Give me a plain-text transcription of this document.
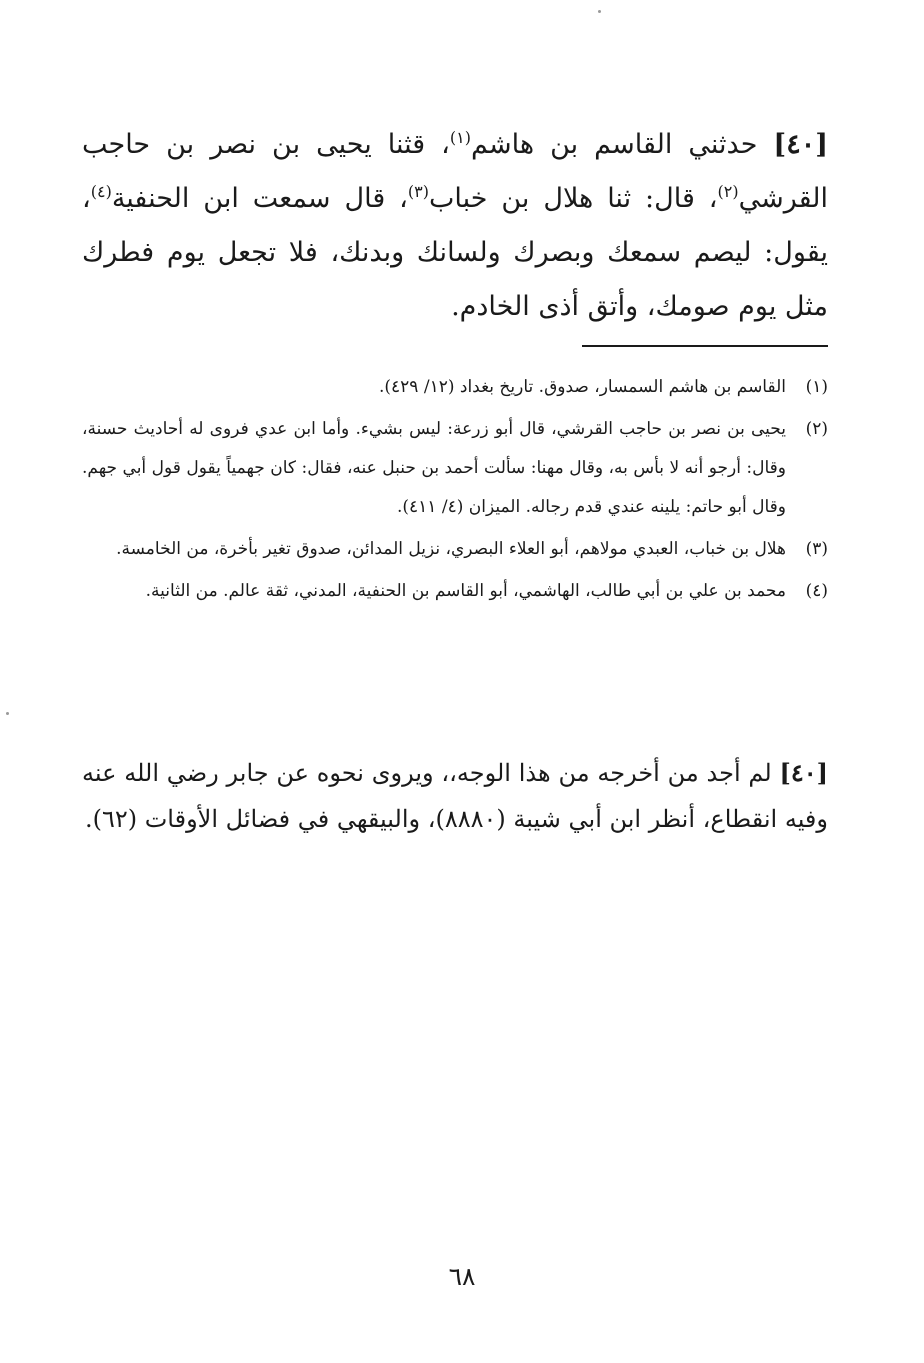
[٤٠] حدثني القاسم بن هاشم$^{(١)}$، قثنا يحيى بن نصر بن حاجب القرشي$^{(٢)}$، قال: ثنا هلال بن خباب$^{(٣)}$، قال سمعت ابن الحنفية$^{(٤)}$، يقول: ليصم سمعك وبصرك ولسانك وبدنك، فلا تجعل يوم فطرك مثل يوم صومك، وأتق أذى الخادم.

(١)
القاسم بن هاشم السمسار، صدوق. تاريخ بغداد (١٢/ ٤٢٩).
(٢)
يحيى بن نصر بن حاجب القرشي، قال أبو زرعة: ليس بشيء. وأما ابن عدي فروى له أحاديث حسنة، وقال: أرجو أنه لا بأس به، وقال مهنا: سألت أحمد بن حنبل عنه، فقال: كان جهمياً يقول قول أبي جهم. وقال أبو حاتم: يلينه عندي قدم رجاله. الميزان (٤/ ٤١١).
(٣)
هلال بن خباب، العبدي مولاهم، أبو العلاء البصري، نزيل المدائن، صدوق تغير بأخرة، من الخامسة.
(٤)
محمد بن علي بن أبي طالب، الهاشمي، أبو القاسم بن الحنفية، المدني، ثقة عالم. من الثانية.

[٤٠] لم أجد من أخرجه من هذا الوجه،، ويروى نحوه عن جابر رضي الله عنه وفيه انقطاع، أنظر ابن أبي شيبة (٨٨٨٠)، والبيقهي في فضائل الأوقات (٦٢).

٦٨
